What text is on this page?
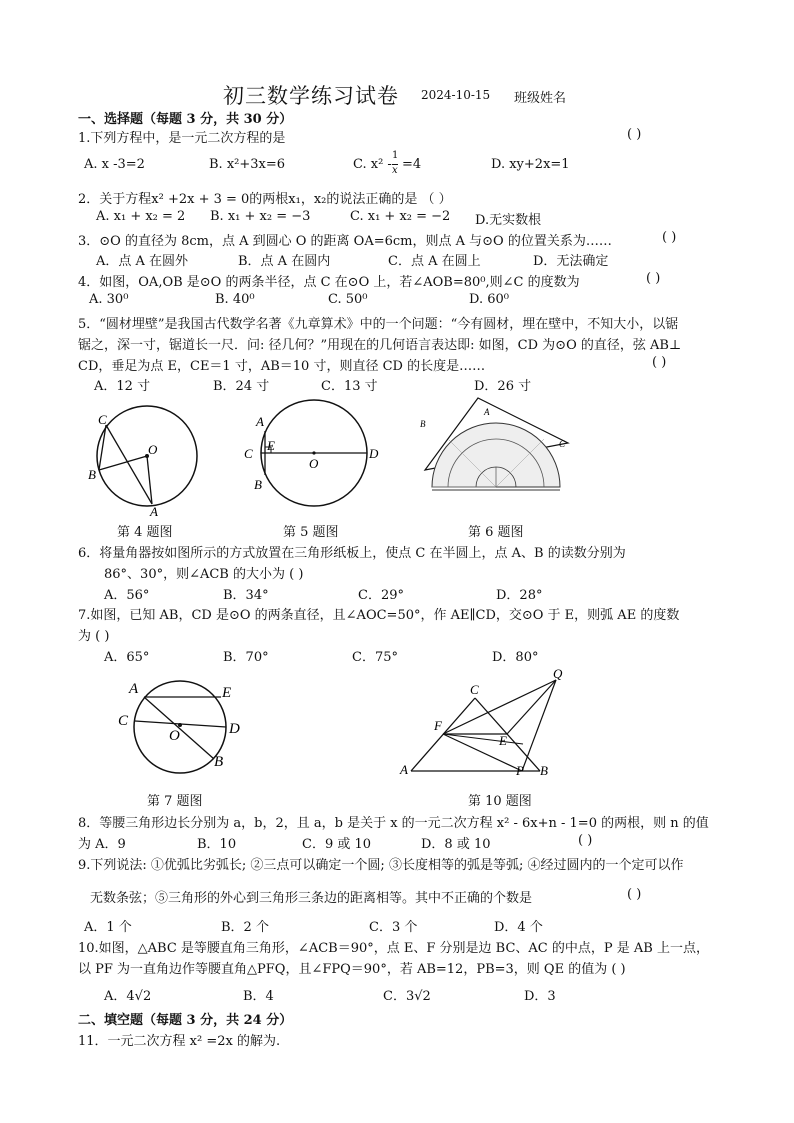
初三数学练习试卷 2024-10-15 班级姓名
一、选择题（每题 3 分，共 30 分）
1.下列方程中，是一元二次方程的是	( )
A. x -3=2	B. x²+3x=6	C. x² -
1
x =4	D. xy+2x=1
2．关于方程x² +2x + 3 = 0的两根x₁，x₂的说法正确的是 （ ）
A. x₁ + x₂ = 2 B. x₁ + x₂ = −3	C. x₁ + x₂ = −2 D.无实数根
3．⊙O 的直径为 8cm，点 A 到圆心 O 的距离 OA=6cm，则点 A 与⊙O 的位置关系为……	( )
A．点 A 在圆外	B．点 A 在圆内	C．点 A 在圆上	D．无法确定
4．如图，OA,OB 是⊙O 的两条半径，点 C 在⊙O 上，若∠AOB=80⁰,则∠C 的度数为	( )
A. 30⁰	B. 40⁰	C. 50⁰	D. 60⁰
5．“圆材埋壁”是我国古代数学名著《九章算术》中的一个问题：“今有圆材，埋在壁中，不知大小，以锯
锯之，深一寸，锯道长一尺．问: 径几何？”用现在的几何语言表达即: 如图，CD 为⊙O 的直径，弦 AB⊥
CD，垂足为点 E，CE＝1 寸，AB＝10 寸，则直径 CD 的长度是……	( )
A．12 寸	B．24 寸	C．13 寸	D．26 寸
C
O
B
A
A
E
C
O
D
B
A
B
C
第 4 题图	第 5 题图	第 6 题图
6．将量角器按如图所示的方式放置在三角形纸板上，使点 C 在半圆上，点 A、B 的读数分别为
86°、30°，则∠ACB 的大小为 ( )
A．56°	B．34°	C．29°	D．28°
7.如图，已知 AB，CD 是⊙O 的两条直径，且∠AOC=50°，作 AE∥CD，交⊙O 于 E，则弧 AE 的度数
为 ( )
A．65°	B．70°	C．75°	D．80°
A	E
C
O	D
B
C
Q
F
E
A	P B
第 7 题图	第 10 题图
8．等腰三角形边长分别为 a，b，2，且 a，b 是关于 x 的一元二次方程 x² - 6x+n - 1=0 的两根，则 n 的值
为 A．9	B．10	C．9 或 10	D．8 或 10	( )
9.下列说法: ①优弧比劣弧长; ②三点可以确定一个圆; ③长度相等的弧是等弧; ④经过圆内的一个定可以作
无数条弦；⑤三角形的外心到三角形三条边的距离相等。其中不正确的个数是	( )
A．1 个	B．2 个	C．3 个	D．4 个
10.如图，△ABC 是等腰直角三角形，∠ACB＝90°，点 E、F 分别是边 BC、AC 的中点，P 是 AB 上一点，
以 PF 为一直角边作等腰直角△PFQ，且∠FPQ＝90°，若 AB=12，PB=3，则 QE 的值为 ( )
A．4√2	B．4	C．3√2	D．3
二、填空题（每题 3 分，共 24 分）
11．一元二次方程 x² =2x 的解为.
